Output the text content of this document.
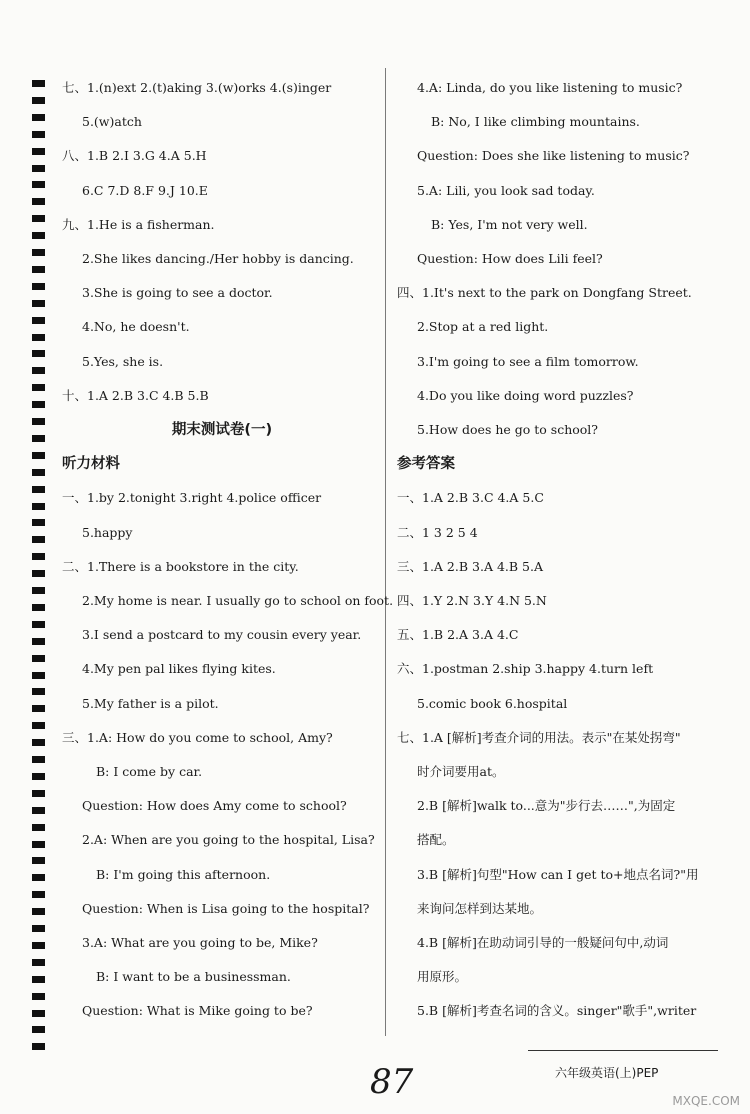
七、1.(n)ext 2.(t)aking 3.(w)orks 4.(s)inger
5.(w)atch
八、1.B 2.I 3.G 4.A 5.H
6.C 7.D 8.F 9.J 10.E
九、1.He is a fisherman.
2.She likes dancing./Her hobby is dancing.
3.She is going to see a doctor.
4.No, he doesn't.
5.Yes, she is.
十、1.A 2.B 3.C 4.B 5.B
期末测试卷(一)
听力材料
一、1.by 2.tonight 3.right 4.police officer
5.happy
二、1.There is a bookstore in the city.
2.My home is near. I usually go to school on foot.
3.I send a postcard to my cousin every year.
4.My pen pal likes flying kites.
5.My father is a pilot.
三、1.A: How do you come to school, Amy?
B: I come by car.
Question: How does Amy come to school?
2.A: When are you going to the hospital, Lisa?
B: I'm going this afternoon.
Question: When is Lisa going to the hospital?
3.A: What are you going to be, Mike?
B: I want to be a businessman.
Question: What is Mike going to be?
4.A: Linda, do you like listening to music?
B: No, I like climbing mountains.
Question: Does she like listening to music?
5.A: Lili, you look sad today.
B: Yes, I'm not very well.
Question: How does Lili feel?
四、1.It's next to the park on Dongfang Street.
2.Stop at a red light.
3.I'm going to see a film tomorrow.
4.Do you like doing word puzzles?
5.How does he go to school?
参考答案
一、1.A 2.B 3.C 4.A 5.C
二、1 3 2 5 4
三、1.A 2.B 3.A 4.B 5.A
四、1.Y 2.N 3.Y 4.N 5.N
五、1.B 2.A 3.A 4.C
六、1.postman 2.ship 3.happy 4.turn left
5.comic book 6.hospital
七、1.A [解析]考查介词的用法。表示"在某处拐弯"
时介词要用at。
2.B [解析]walk to...意为"步行去……",为固定
搭配。
3.B [解析]句型"How can I get to+地点名词?"用
来询问怎样到达某地。
4.B [解析]在助动词引导的一般疑问句中,动词
用原形。
5.B [解析]考查名词的含义。singer"歌手",writer
87	六年级英语(上)PEP
MXQE.COM
